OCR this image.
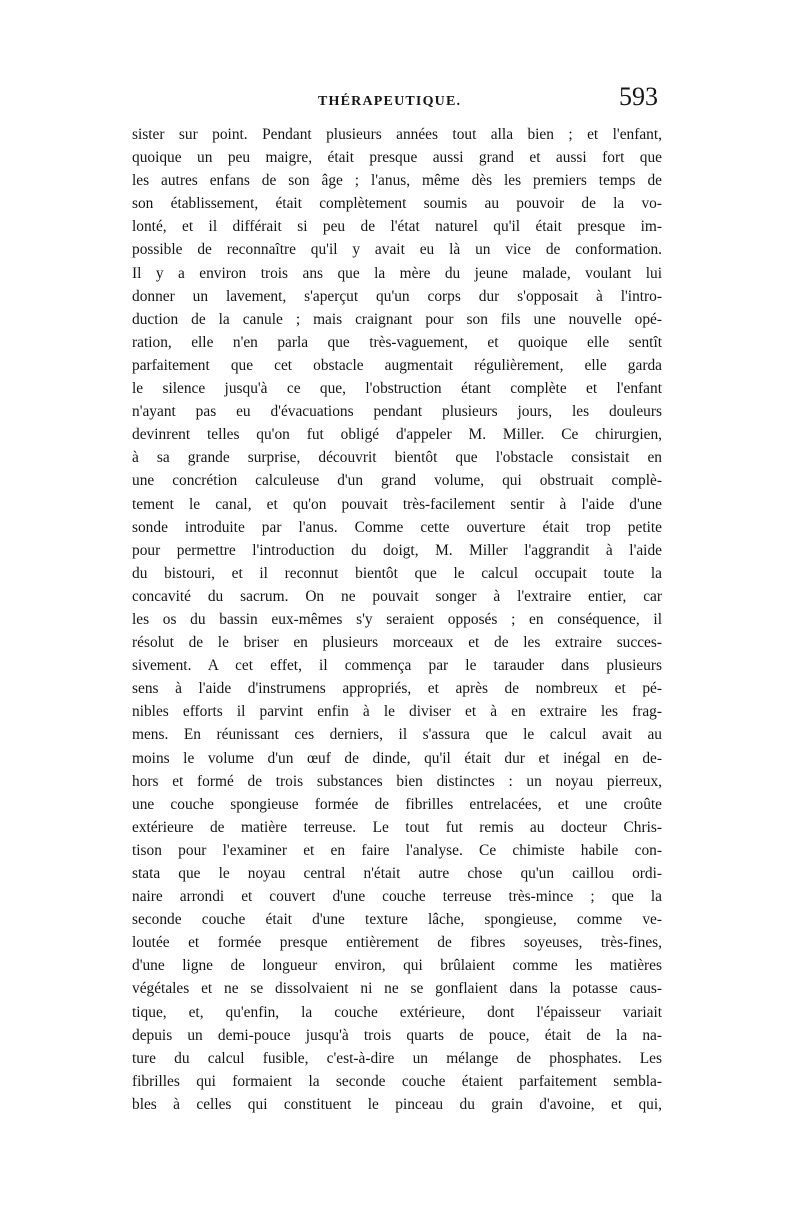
THÉRAPEUTIQUE.	593
sister sur point. Pendant plusieurs années tout alla bien ; et l'enfant,
quoique un peu maigre, était presque aussi grand et aussi fort que
les autres enfans de son âge ; l'anus, même dès les premiers temps de
son établissement, était complètement soumis au pouvoir de la vo-
lonté, et il différait si peu de l'état naturel qu'il était presque im-
possible de reconnaître qu'il y avait eu là un vice de conformation.
Il y a environ trois ans que la mère du jeune malade, voulant lui
donner un lavement, s'aperçut qu'un corps dur s'opposait à l'intro-
duction de la canule ; mais craignant pour son fils une nouvelle opé-
ration, elle n'en parla que très-vaguement, et quoique elle sentît
parfaitement que cet obstacle augmentait régulièrement, elle garda
le silence jusqu'à ce que, l'obstruction étant complète et l'enfant
n'ayant pas eu d'évacuations pendant plusieurs jours, les douleurs
devinrent telles qu'on fut obligé d'appeler M. Miller. Ce chirurgien,
à sa grande surprise, découvrit bientôt que l'obstacle consistait en
une concrétion calculeuse d'un grand volume, qui obstruait complè-
tement le canal, et qu'on pouvait très-facilement sentir à l'aide d'une
sonde introduite par l'anus. Comme cette ouverture était trop petite
pour permettre l'introduction du doigt, M. Miller l'aggrandit à l'aide
du bistouri, et il reconnut bientôt que le calcul occupait toute la
concavité du sacrum. On ne pouvait songer à l'extraire entier, car
les os du bassin eux-mêmes s'y seraient opposés ; en conséquence, il
résolut de le briser en plusieurs morceaux et de les extraire succes-
sivement. A cet effet, il commença par le tarauder dans plusieurs
sens à l'aide d'instrumens appropriés, et après de nombreux et pé-
nibles efforts il parvint enfin à le diviser et à en extraire les frag-
mens. En réunissant ces derniers, il s'assura que le calcul avait au
moins le volume d'un œuf de dinde, qu'il était dur et inégal en de-
hors et formé de trois substances bien distinctes : un noyau pierreux,
une couche spongieuse formée de fibrilles entrelacées, et une croûte
extérieure de matière terreuse. Le tout fut remis au docteur Chris-
tison pour l'examiner et en faire l'analyse. Ce chimiste habile con-
stata que le noyau central n'était autre chose qu'un caillou ordi-
naire arrondi et couvert d'une couche terreuse très-mince ; que la
seconde couche était d'une texture lâche, spongieuse, comme ve-
loutée et formée presque entièrement de fibres soyeuses, très-fines,
d'une ligne de longueur environ, qui brûlaient comme les matières
végétales et ne se dissolvaient ni ne se gonflaient dans la potasse caus-
tique, et, qu'enfin, la couche extérieure, dont l'épaisseur variait
depuis un demi-pouce jusqu'à trois quarts de pouce, était de la na-
ture du calcul fusible, c'est-à-dire un mélange de phosphates. Les
fibrilles qui formaient la seconde couche étaient parfaitement sembla-
bles à celles qui constituent le pinceau du grain d'avoine, et qui,
